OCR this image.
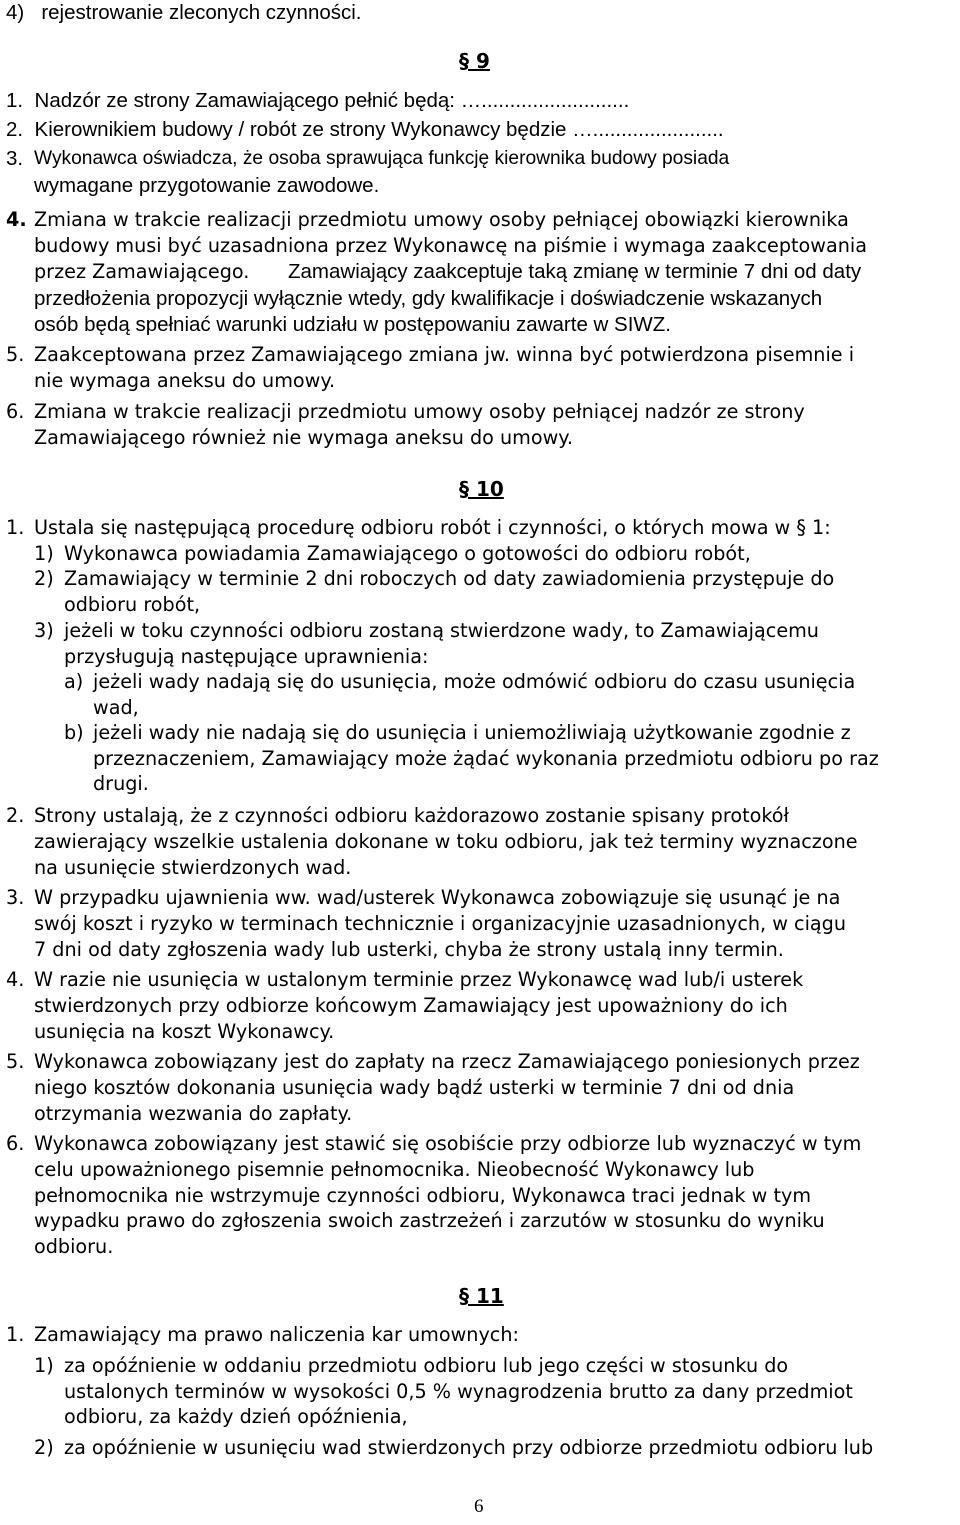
4) rejestrowanie zleconych czynności.
§ 9
1. Nadzór ze strony Zamawiającego pełnić będą: …..........................
2. Kierownikiem budowy / robót ze strony Wykonawcy będzie ….......................
3. Wykonawca oświadcza, że osoba sprawująca funkcję kierownika budowy posiada
wymagane przygotowanie zawodowe.
4. Zmiana w trakcie realizacji przedmiotu umowy osoby pełniącej obowiązki kierownika
budowy musi być uzasadniona przez Wykonawcę na piśmie i wymaga zaakceptowania
przez Zamawiającego. Zamawiający zaakceptuje taką zmianę w terminie 7 dni od daty
przedłożenia propozycji wyłącznie wtedy, gdy kwalifikacje i doświadczenie wskazanych
osób będą spełniać warunki udziału w postępowaniu zawarte w SIWZ.
5. Zaakceptowana przez Zamawiającego zmiana jw. winna być potwierdzona pisemnie i
nie wymaga aneksu do umowy.
6. Zmiana w trakcie realizacji przedmiotu umowy osoby pełniącej nadzór ze strony
Zamawiającego również nie wymaga aneksu do umowy.
§ 10
1. Ustala się następującą procedurę odbioru robót i czynności, o których mowa w § 1:
1) Wykonawca powiadamia Zamawiającego o gotowości do odbioru robót,
2) Zamawiający w terminie 2 dni roboczych od daty zawiadomienia przystępuje do
odbioru robót,
3) jeżeli w toku czynności odbioru zostaną stwierdzone wady, to Zamawiającemu
przysługują następujące uprawnienia:
a) jeżeli wady nadają się do usunięcia, może odmówić odbioru do czasu usunięcia
wad,
b) jeżeli wady nie nadają się do usunięcia i uniemożliwiają użytkowanie zgodnie z
przeznaczeniem, Zamawiający może żądać wykonania przedmiotu odbioru po raz
drugi.
2. Strony ustalają, że z czynności odbioru każdorazowo zostanie spisany protokół
zawierający wszelkie ustalenia dokonane w toku odbioru, jak też terminy wyznaczone
na usunięcie stwierdzonych wad.
3. W przypadku ujawnienia ww. wad/usterek Wykonawca zobowiązuje się usunąć je na
swój koszt i ryzyko w terminach technicznie i organizacyjnie uzasadnionych, w ciągu
7 dni od daty zgłoszenia wady lub usterki, chyba że strony ustalą inny termin.
4. W razie nie usunięcia w ustalonym terminie przez Wykonawcę wad lub/i usterek
stwierdzonych przy odbiorze końcowym Zamawiający jest upoważniony do ich
usunięcia na koszt Wykonawcy.
5. Wykonawca zobowiązany jest do zapłaty na rzecz Zamawiającego poniesionych przez
niego kosztów dokonania usunięcia wady bądź usterki w terminie 7 dni od dnia
otrzymania wezwania do zapłaty.
6. Wykonawca zobowiązany jest stawić się osobiście przy odbiorze lub wyznaczyć w tym
celu upoważnionego pisemnie pełnomocnika. Nieobecność Wykonawcy lub
pełnomocnika nie wstrzymuje czynności odbioru, Wykonawca traci jednak w tym
wypadku prawo do zgłoszenia swoich zastrzeżeń i zarzutów w stosunku do wyniku
odbioru.
§ 11
1. Zamawiający ma prawo naliczenia kar umownych:
1) za opóźnienie w oddaniu przedmiotu odbioru lub jego części w stosunku do
ustalonych terminów w wysokości 0,5 % wynagrodzenia brutto za dany przedmiot
odbioru, za każdy dzień opóźnienia,
2) za opóźnienie w usunięciu wad stwierdzonych przy odbiorze przedmiotu odbioru lub
6
